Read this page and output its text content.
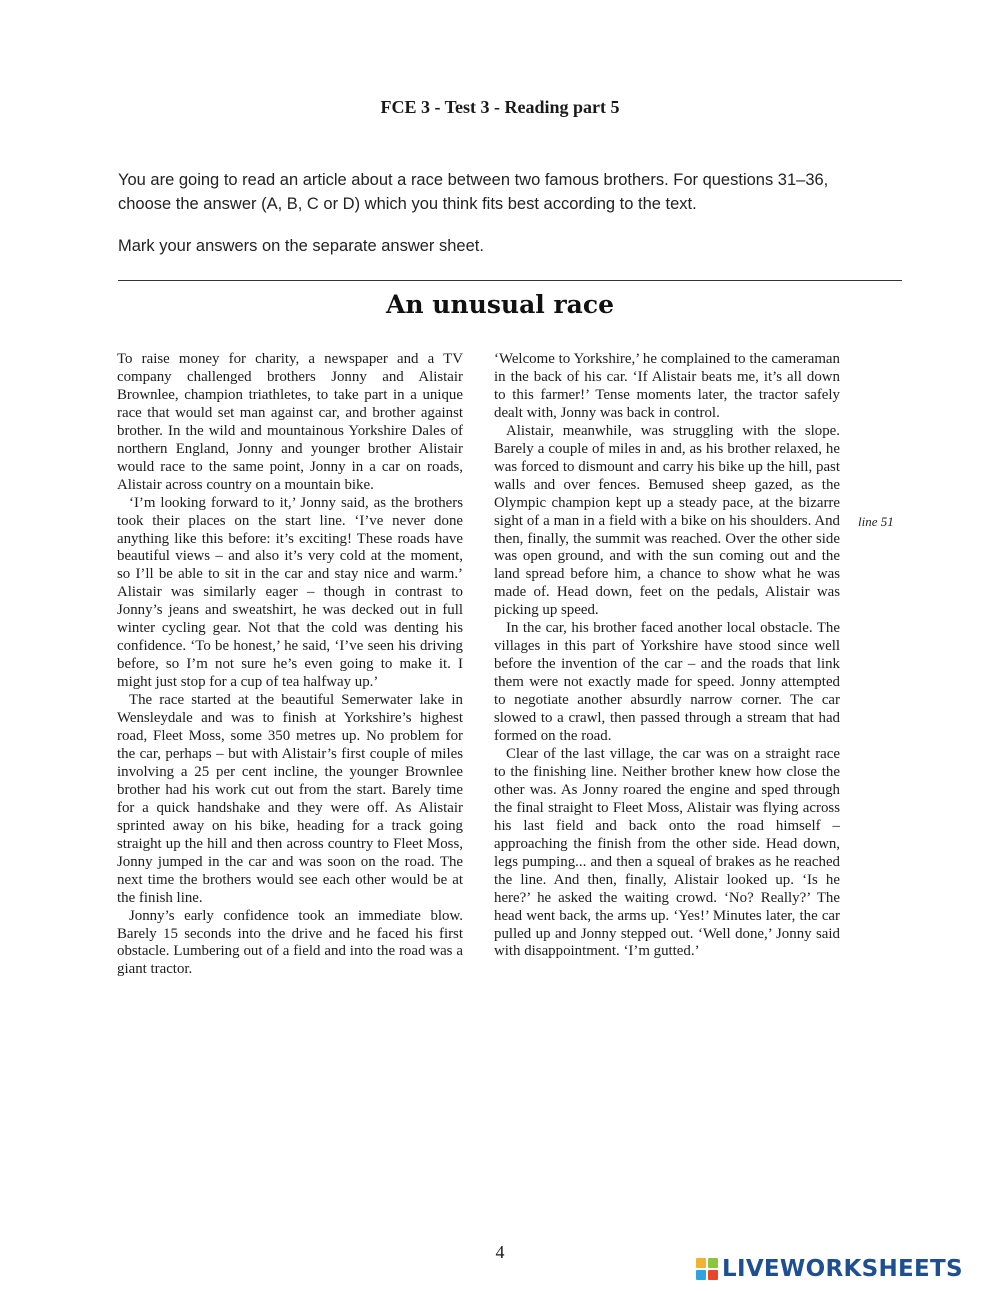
FCE 3 - Test 3 - Reading part 5

You are going to read an article about a race between two famous brothers. For questions 31–36,

choose the answer (A, B, C or D) which you think fits best according to the text.

Mark your answers on the separate answer sheet.

An unusual race

To raise money for charity, a newspaper and a TV company challenged brothers Jonny and Alistair Brownlee, champion triathletes, to take part in a unique race that would set man against car, and brother against brother. In the wild and mountainous Yorkshire Dales of northern England, Jonny and younger brother Alistair would race to the same point, Jonny in a car on roads, Alistair across country on a mountain bike.

‘I’m looking forward to it,’ Jonny said, as the brothers took their places on the start line. ‘I’ve never done anything like this before: it’s exciting! These roads have beautiful views – and also it’s very cold at the moment, so I’ll be able to sit in the car and stay nice and warm.’ Alistair was similarly eager – though in contrast to Jonny’s jeans and sweatshirt, he was decked out in full winter cycling gear. Not that the cold was denting his confidence. ‘To be honest,’ he said, ‘I’ve seen his driving before, so I’m not sure he’s even going to make it. I might just stop for a cup of tea halfway up.’

The race started at the beautiful Semerwater lake in Wensleydale and was to finish at Yorkshire’s highest road, Fleet Moss, some 350 metres up. No problem for the car, perhaps – but with Alistair’s first couple of miles involving a 25 per cent incline, the younger Brownlee brother had his work cut out from the start. Barely time for a quick handshake and they were off. As Alistair sprinted away on his bike, heading for a track going straight up the hill and then across country to Fleet Moss, Jonny jumped in the car and was soon on the road. The next time the brothers would see each other would be at the finish line.

Jonny’s early confidence took an immediate blow. Barely 15 seconds into the drive and he faced his first obstacle. Lumbering out of a field and into the road was a giant tractor.

‘Welcome to Yorkshire,’ he complained to the cameraman in the back of his car. ‘If Alistair beats me, it’s all down to this farmer!’ Tense moments later, the tractor safely dealt with, Jonny was back in control.

Alistair, meanwhile, was struggling with the slope. Barely a couple of miles in and, as his brother relaxed, he was forced to dismount and carry his bike up the hill, past walls and over fences. Bemused sheep gazed, as the Olympic champion kept up a steady pace, at the bizarre sight of a man in a field with a bike on his shoulders. And then, finally, the summit was reached. Over the other side was open ground, and with the sun coming out and the land spread before him, a chance to show what he was made of. Head down, feet on the pedals, Alistair was picking up speed.

In the car, his brother faced another local obstacle. The villages in this part of Yorkshire have stood since well before the invention of the car – and the roads that link them were not exactly made for speed. Jonny attempted to negotiate another absurdly narrow corner. The car slowed to a crawl, then passed through a stream that had formed on the road.

Clear of the last village, the car was on a straight race to the finishing line. Neither brother knew how close the other was. As Jonny roared the engine and sped through the final straight to Fleet Moss, Alistair was flying across his last field and back onto the road himself – approaching the finish from the other side. Head down, legs pumping... and then a squeal of brakes as he reached the line. And then, finally, Alistair looked up. ‘Is he here?’ he asked the waiting crowd. ‘No? Really?’ The head went back, the arms up. ‘Yes!’ Minutes later, the car pulled up and Jonny stepped out. ‘Well done,’ Jonny said with disappointment. ‘I’m gutted.’

line 51
4
LIVEWORKSHEETS
